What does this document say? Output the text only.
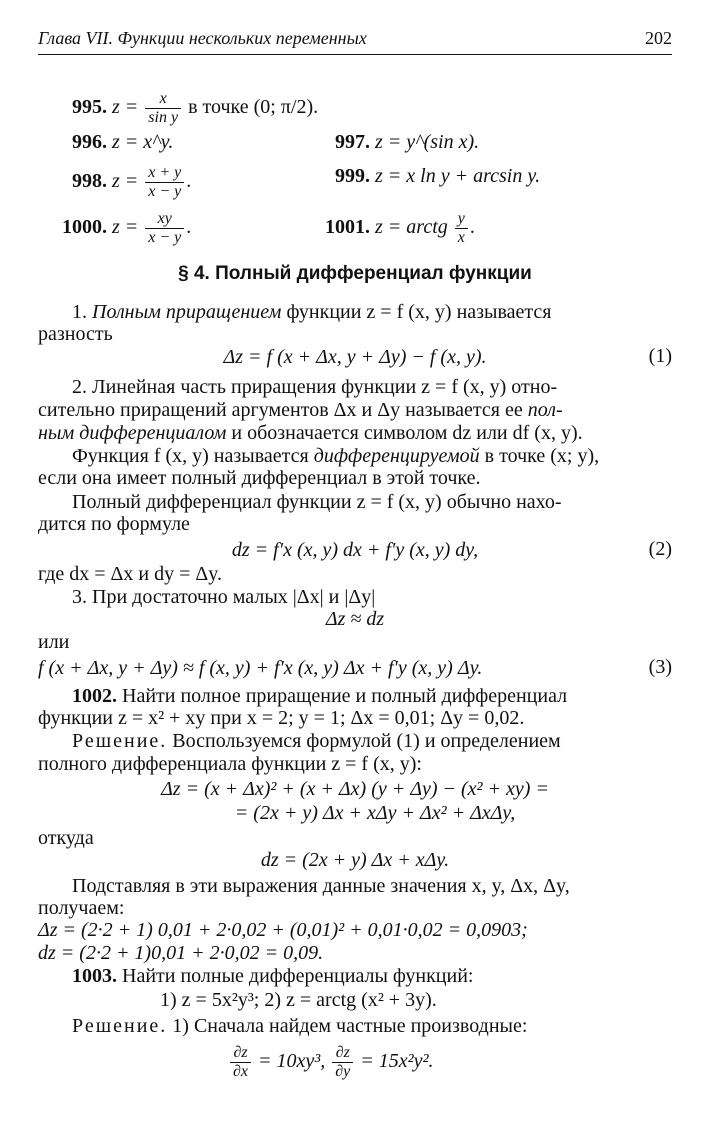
Глава VII. Функции нескольких переменных	202
995. $z = \frac{x}{\text{sin y}}$ в точке (0; π/2).
996. z = x^y.	997. z = y^(sin x).
998. $z = \frac{x + y}{x - y}$ .	999. z = x ln y + arcsin y.
1000. $z = \frac{xy}{x - y}$ .	1001. z = arctg $\frac{y}{x}$ .
§ 4. Полный дифференциал функции
1. Полным приращением функции z = f (x, y) называется
разность
Δz = f (x + Δx, y + Δy) − f (x, y).	(1)
2. Линейная часть приращения функции z = f (x, y) отно-
сительно приращений аргументов Δx и Δy называется ее пол-
ным дифференциалом и обозначается символом dz или df (x, y).
Функция f (x, y) называется дифференцируемой в точке (x; y),
если она имеет полный дифференциал в этой точке.
Полный дифференциал функции z = f (x, y) обычно нахо-
дится по формуле
dz = f′x (x, y) dx + f′y (x, y) dy,	(2)
где dx = Δx и dy = Δy.
3. При достаточно малых |Δx| и |Δy|
Δz ≈ dz
или
f (x + Δx, y + Δy) ≈ f (x, y) + f′x (x, y) Δx + f′y (x, y) Δy.	(3)
1002. Найти полное приращение и полный дифференциал
функции z = x² + xy при x = 2; y = 1; Δx = 0,01; Δy = 0,02.
Решение. Воспользуемся формулой (1) и определением
полного дифференциала функции z = f (x, y):
Δz = (x + Δx)² + (x + Δx) (y + Δy) − (x² + xy) =
= (2x + y) Δx + xΔy + Δx² + ΔxΔy,
откуда
dz = (2x + y) Δx + xΔy.
Подставляя в эти выражения данные значения x, y, Δx, Δy,
получаем:
Δz = (2·2 + 1) 0,01 + 2·0,02 + (0,01)² + 0,01·0,02 = 0,0903;
dz = (2·2 + 1)0,01 + 2·0,02 = 0,09.
1003. Найти полные дифференциалы функций:
1) z = 5x²y³; 2) z = arctg (x² + 3y).
Решение. 1) Сначала найдем частные производные:
$\frac{\partial z}{\partial x} = 10xy^3$, $\frac{\partial z}{\partial y} = 15x^2y^2$.
